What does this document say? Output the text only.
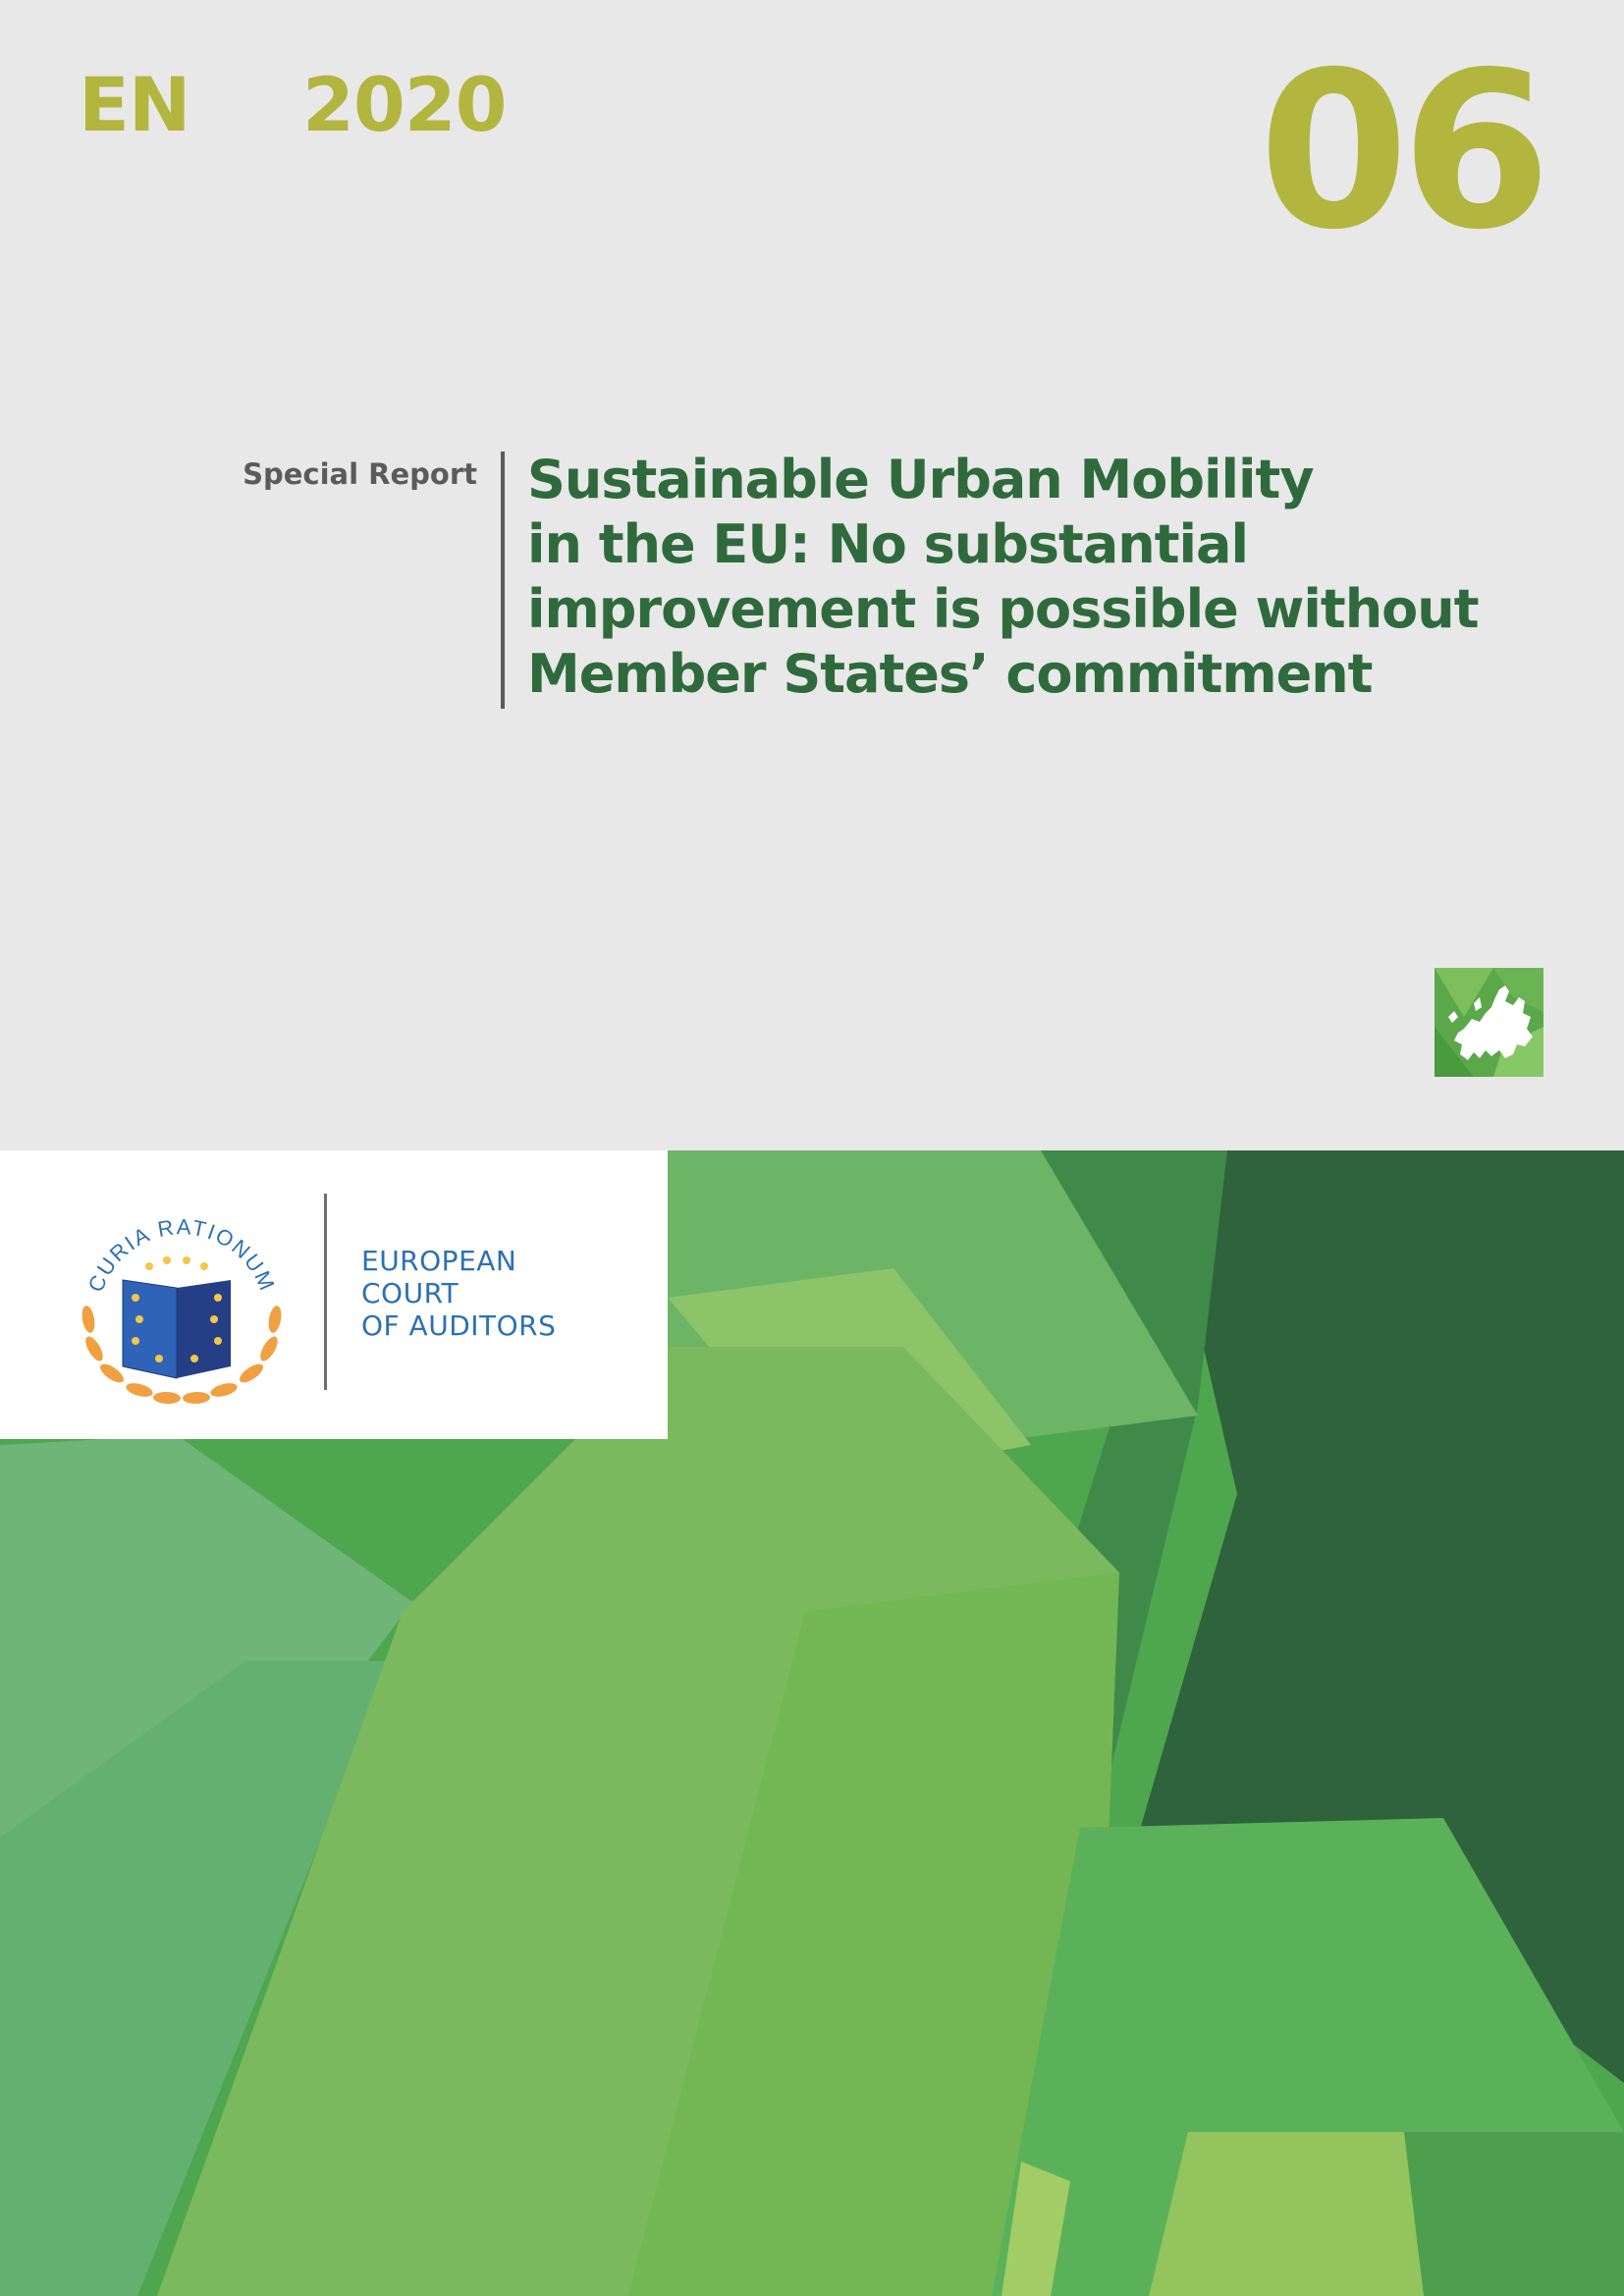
EN 2020	06
Special Report Sustainable Urban Mobility
in the EU: No substantial
improvement is possible without
Member States’ commitment
CURIA RATIONUM
EUROPEAN
COURT
OF AUDITORS
